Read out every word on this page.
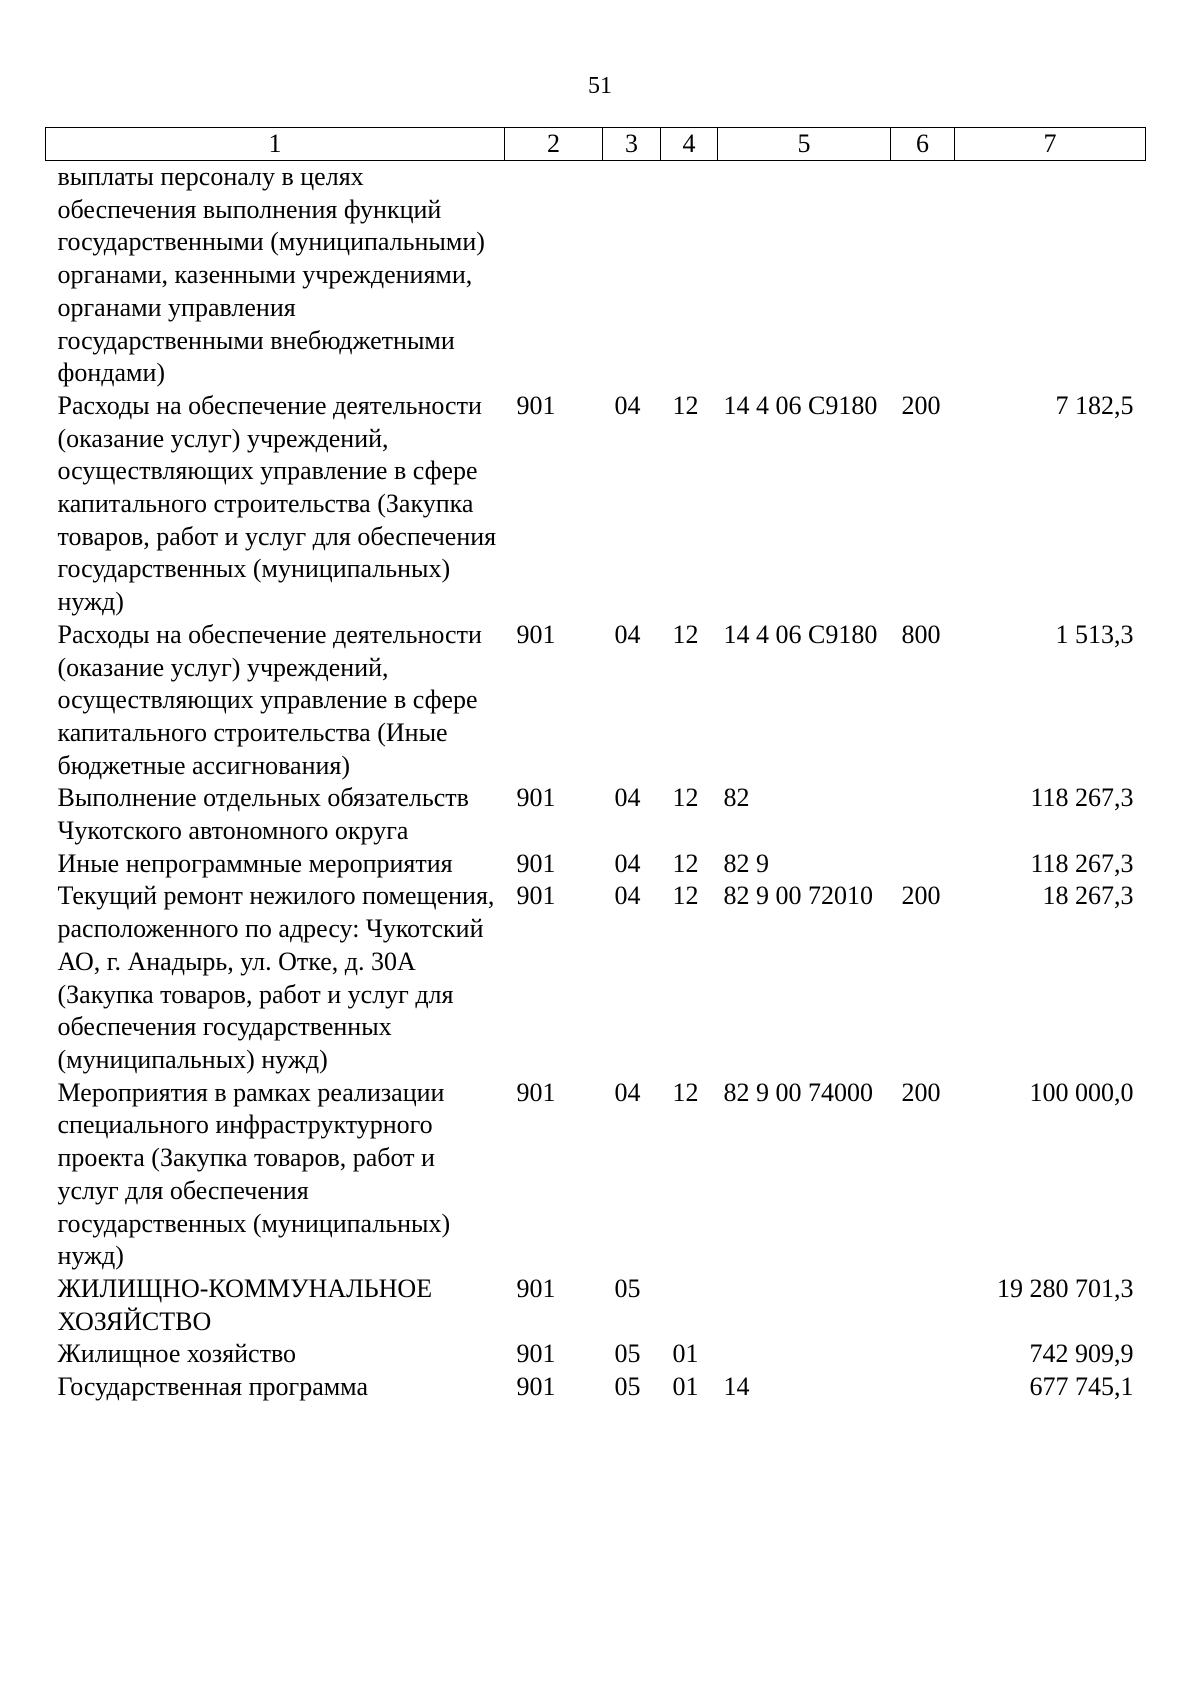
51
1	2	3	4	5	6	7
выплаты персоналу в целях обеспечения выполнения функций государственными (муниципальными) органами, казенными учреждениями, органами управления государственными внебюджетными фондами)						
Расходы на обеспечение деятельности (оказание услуг) учреждений, осуществляющих управление в сфере капитального строительства (Закупка товаров, работ и услуг для обеспечения государственных (муниципальных) нужд)	901	04	12	14 4 06 С9180	200	7 182,5
Расходы на обеспечение деятельности (оказание услуг) учреждений, осуществляющих управление в сфере капитального строительства (Иные бюджетные ассигнования)	901	04	12	14 4 06 С9180	800	1 513,3
Выполнение отдельных обязательств Чукотского автономного округа	901	04	12	82		118 267,3
Иные непрограммные мероприятия	901	04	12	82 9		118 267,3
Текущий ремонт нежилого помещения, расположенного по адресу: Чукотский АО, г. Анадырь, ул. Отке, д. 30А (Закупка товаров, работ и услуг для обеспечения государственных (муниципальных) нужд)	901	04	12	82 9 00 72010	200	18 267,3
Мероприятия в рамках реализации специального инфраструктурного проекта (Закупка товаров, работ и услуг для обеспечения государственных (муниципальных) нужд)	901	04	12	82 9 00 74000	200	100 000,0
ЖИЛИЩНО-КОММУНАЛЬНОЕ ХОЗЯЙСТВО	901	05				19 280 701,3
Жилищное хозяйство	901	05	01			742 909,9
Государственная программа	901	05	01	14		677 745,1
